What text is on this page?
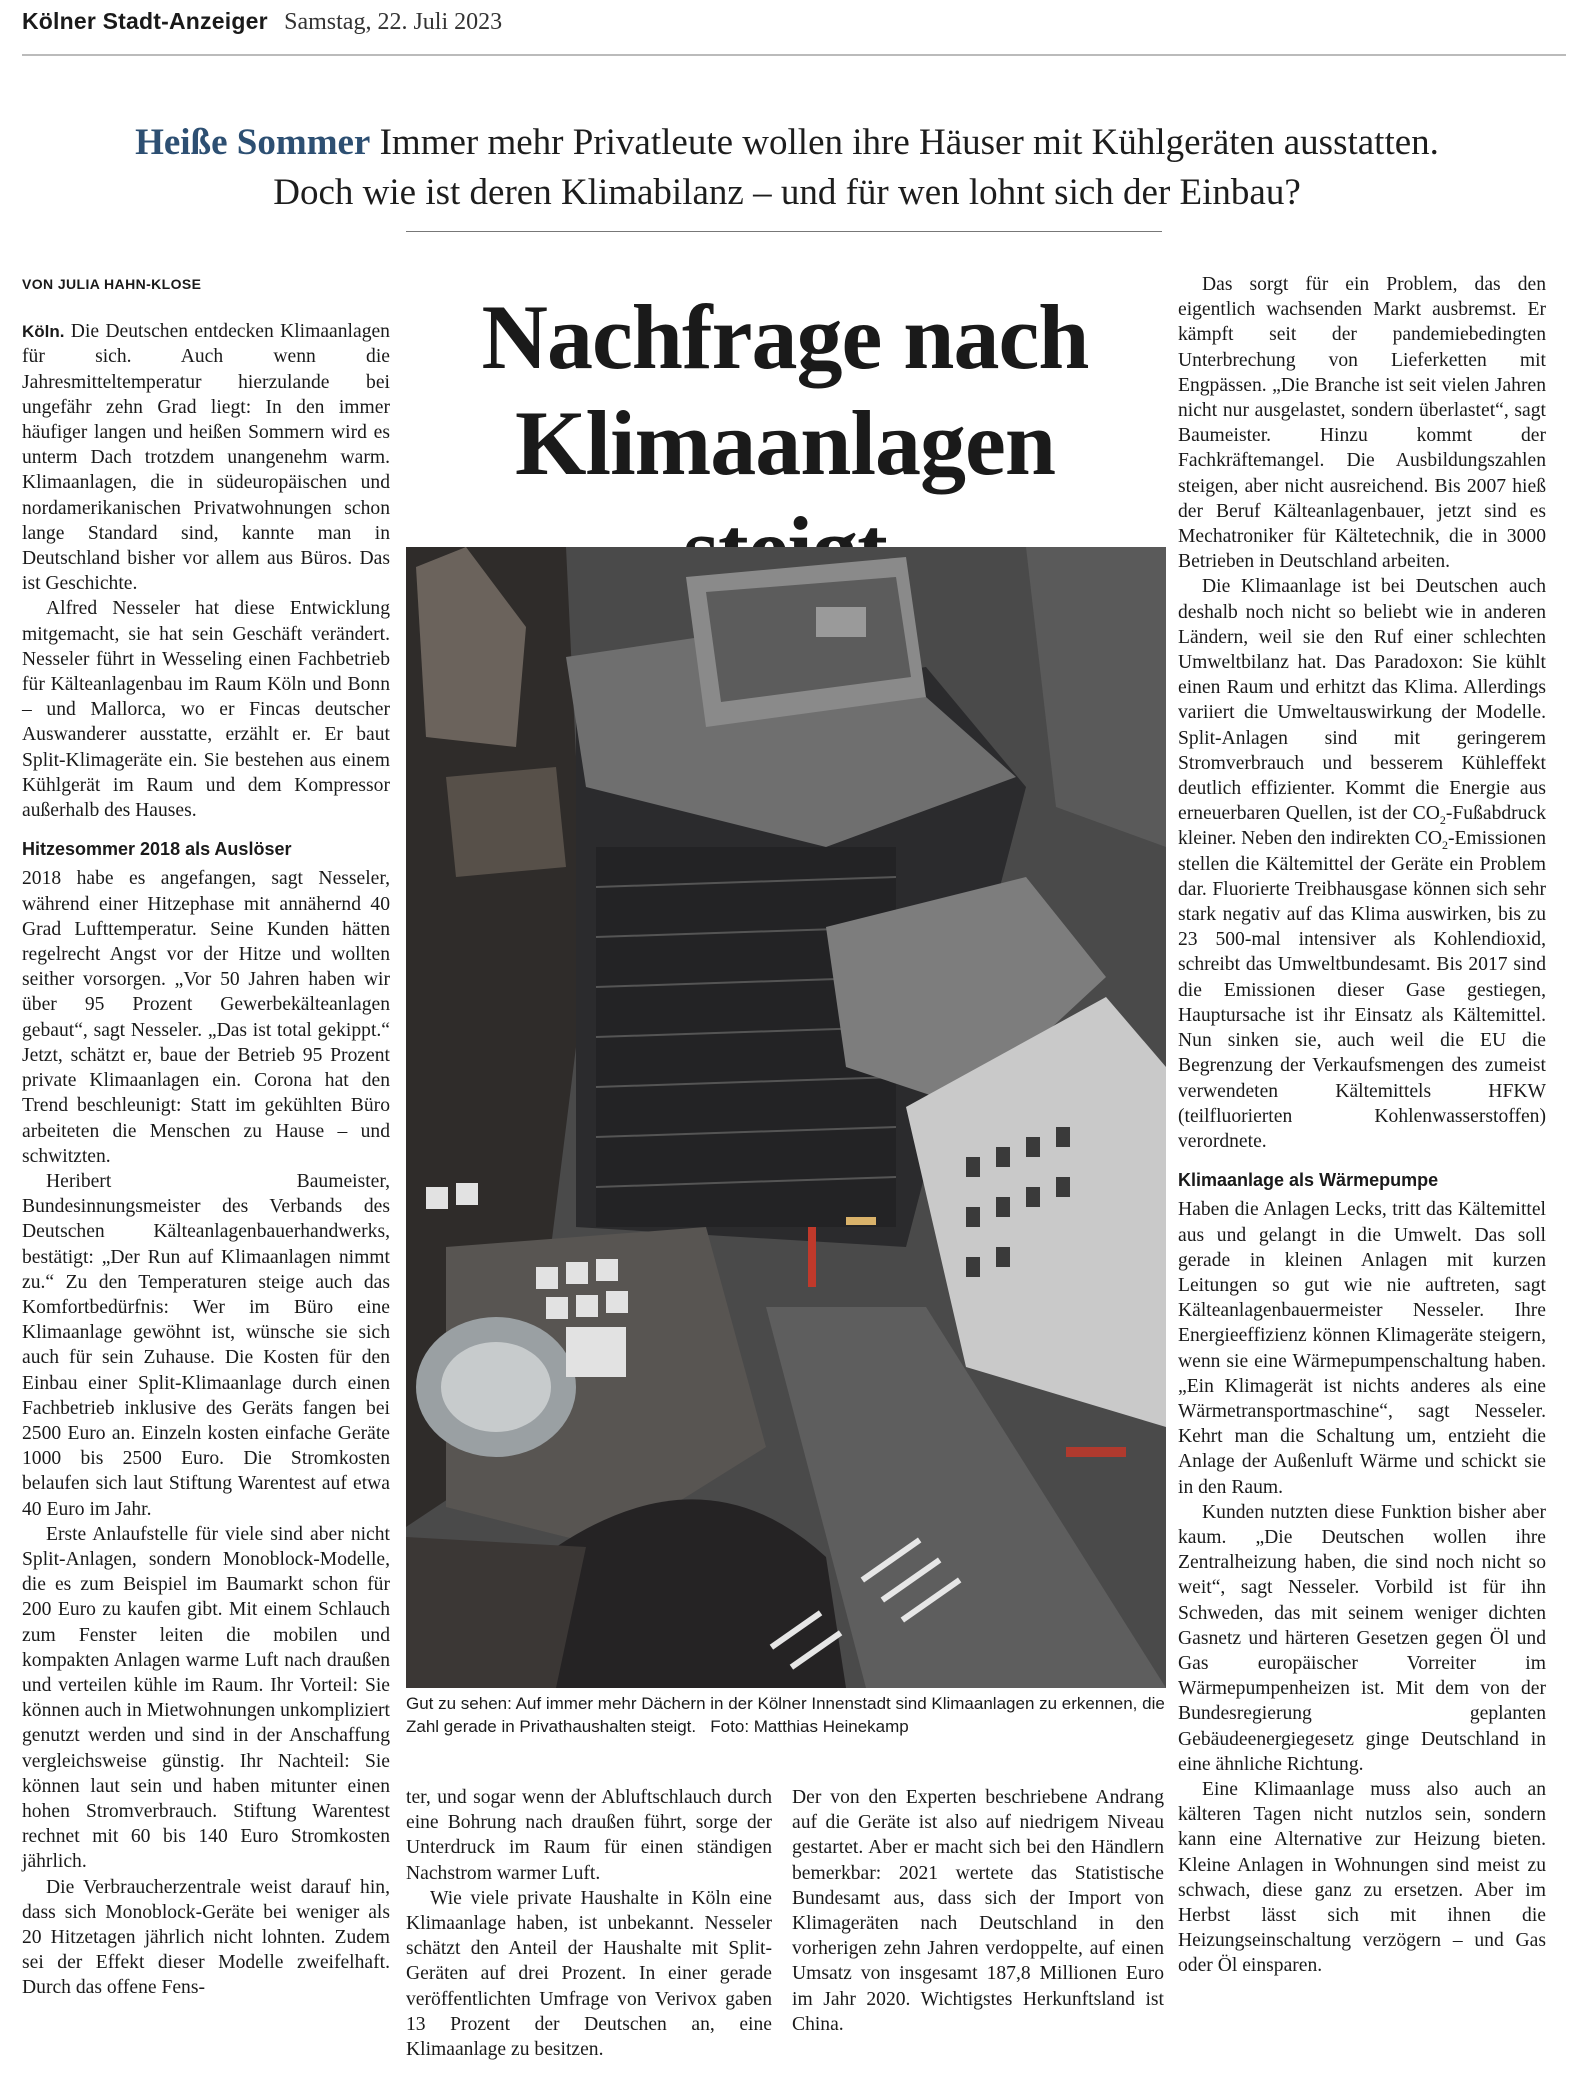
Kölner Stadt-Anzeiger Samstag, 22. Juli 2023
Heiße Sommer Immer mehr Privatleute wollen ihre Häuser mit Kühlgeräten ausstatten. Doch wie ist deren Klimabilanz – und für wen lohnt sich der Einbau?
VON JULIA HAHN-KLOSE

Köln. Die Deutschen entdecken Klimaanlagen für sich. Auch wenn die Jahresmitteltemperatur hierzulande bei ungefähr zehn Grad liegt: In den immer häufiger langen und heißen Sommern wird es unterm Dach trotzdem unangenehm warm. Klimaanlagen, die in südeuropäischen und nordamerikanischen Privatwohnungen schon lange Standard sind, kannte man in Deutschland bisher vor allem aus Büros. Das ist Geschichte.

Alfred Nesseler hat diese Entwicklung mitgemacht, sie hat sein Geschäft verändert. Nesseler führt in Wesseling einen Fachbetrieb für Kälteanlagenbau im Raum Köln und Bonn – und Mallorca, wo er Fincas deutscher Auswanderer ausstatte, erzählt er. Er baut Split-Klimageräte ein. Sie bestehen aus einem Kühlgerät im Raum und dem Kompressor außerhalb des Hauses.

Hitzesommer 2018 als Auslöser

2018 habe es angefangen, sagt Nesseler, während einer Hitzephase mit annähernd 40 Grad Lufttemperatur. Seine Kunden hätten regelrecht Angst vor der Hitze und wollten seither vorsorgen. „Vor 50 Jahren haben wir über 95 Prozent Gewerbekälteanlagen gebaut“, sagt Nesseler. „Das ist total gekippt.“ Jetzt, schätzt er, baue der Betrieb 95 Prozent private Klimaanlagen ein. Corona hat den Trend beschleunigt: Statt im gekühlten Büro arbeiteten die Menschen zu Hause – und schwitzten.

Heribert Baumeister, Bundesinnungsmeister des Verbands des Deutschen Kälteanlagenbauerhandwerks, bestätigt: „Der Run auf Klimaanlagen nimmt zu.“ Zu den Temperaturen steige auch das Komfortbedürfnis: Wer im Büro eine Klimaanlage gewöhnt ist, wünsche sie sich auch für sein Zuhause. Die Kosten für den Einbau einer Split-Klimaanlage durch einen Fachbetrieb inklusive des Geräts fangen bei 2500 Euro an. Einzeln kosten einfache Geräte 1000 bis 2500 Euro. Die Stromkosten belaufen sich laut Stiftung Warentest auf etwa 40 Euro im Jahr.

Erste Anlaufstelle für viele sind aber nicht Split-Anlagen, sondern Monoblock-Modelle, die es zum Beispiel im Baumarkt schon für 200 Euro zu kaufen gibt. Mit einem Schlauch zum Fenster leiten die mobilen und kompakten Anlagen warme Luft nach draußen und verteilen kühle im Raum. Ihr Vorteil: Sie können auch in Mietwohnungen unkompliziert genutzt werden und sind in der Anschaffung vergleichsweise günstig. Ihr Nachteil: Sie können laut sein und haben mitunter einen hohen Stromverbrauch. Stiftung Warentest rechnet mit 60 bis 140 Euro Stromkosten jährlich.

Die Verbraucherzentrale weist darauf hin, dass sich Monoblock-Geräte bei weniger als 20 Hitzetagen jährlich nicht lohnten. Zudem sei der Effekt dieser Modelle zweifelhaft. Durch das offene Fens-

Nachfrage nach
Klimaanlagen
Gut zu sehen: Auf immer mehr Dächern in der Kölner Innenstadt sind Klimaanlagen zu erkennen, die Zahl gerade in Privathaushalten steigt. Foto: Matthias Heinekamp

ter, und sogar wenn der Abluftschlauch durch eine Bohrung nach draußen führt, sorge der Unterdruck im Raum für einen ständigen Nachstrom warmer Luft.

Wie viele private Haushalte in Köln eine Klimaanlage haben, ist unbekannt. Nesseler schätzt den Anteil der Haushalte mit Split-Geräten auf drei Prozent. In einer gerade veröffentlichten Umfrage von Verivox gaben 13 Prozent der Deutschen an, eine Klimaanlage zu besitzen.

Der von den Experten beschriebene Andrang auf die Geräte ist also auf niedrigem Niveau gestartet. Aber er macht sich bei den Händlern bemerkbar: 2021 wertete das Statistische Bundesamt aus, dass sich der Import von Klimageräten nach Deutschland in den vorherigen zehn Jahren verdoppelte, auf einen Umsatz von insgesamt 187,8 Millionen Euro im Jahr 2020. Wichtigstes Herkunftsland ist China.

Das sorgt für ein Problem, das den eigentlich wachsenden Markt ausbremst. Er kämpft seit der pandemiebedingten Unterbrechung von Lieferketten mit Engpässen. „Die Branche ist seit vielen Jahren nicht nur ausgelastet, sondern überlastet“, sagt Baumeister. Hinzu kommt der Fachkräftemangel. Die Ausbildungszahlen steigen, aber nicht ausreichend. Bis 2007 hieß der Beruf Kälteanlagenbauer, jetzt sind es Mechatroniker für Kältetechnik, die in 3000 Betrieben in Deutschland arbeiten.

Die Klimaanlage ist bei Deutschen auch deshalb noch nicht so beliebt wie in anderen Ländern, weil sie den Ruf einer schlechten Umweltbilanz hat. Das Paradoxon: Sie kühlt einen Raum und erhitzt das Klima. Allerdings variiert die Umweltauswirkung der Modelle. Split-Anlagen sind mit geringerem Stromverbrauch und besserem Kühleffekt deutlich effizienter. Kommt die Energie aus erneuerbaren Quellen, ist der $CO_2$-Fußabdruck kleiner. Neben den indirekten $CO_2$-Emissionen stellen die Kältemittel der Geräte ein Problem dar. Fluorierte Treibhausgase können sich sehr stark negativ auf das Klima auswirken, bis zu 23 500-mal intensiver als Kohlendioxid, schreibt das Umweltbundesamt. Bis 2017 sind die Emissionen dieser Gase gestiegen, Hauptursache ist ihr Einsatz als Kältemittel. Nun sinken sie, auch weil die EU die Begrenzung der Verkaufsmengen des zumeist verwendeten Kältemittels HFKW (teilfluorierten Kohlenwasserstoffen) verordnete.

Klimaanlage als Wärmepumpe

Haben die Anlagen Lecks, tritt das Kältemittel aus und gelangt in die Umwelt. Das soll gerade in kleinen Anlagen mit kurzen Leitungen so gut wie nie auftreten, sagt Kälteanlagenbauermeister Nesseler. Ihre Energieeffizienz können Klimageräte steigern, wenn sie eine Wärmepumpenschaltung haben. „Ein Klimagerät ist nichts anderes als eine Wärmetransportmaschine“, sagt Nesseler. Kehrt man die Schaltung um, entzieht die Anlage der Außenluft Wärme und schickt sie in den Raum.

Kunden nutzten diese Funktion bisher aber kaum. „Die Deutschen wollen ihre Zentralheizung haben, die sind noch nicht so weit“, sagt Nesseler. Vorbild ist für ihn Schweden, das mit seinem weniger dichten Gasnetz und härteren Gesetzen gegen Öl und Gas europäischer Vorreiter im Wärmepumpenheizen ist. Mit dem von der Bundesregierung geplanten Gebäudeenergiegesetz ginge Deutschland in eine ähnliche Richtung.

Eine Klimaanlage muss also auch an kälteren Tagen nicht nutzlos sein, sondern kann eine Alternative zur Heizung bieten. Kleine Anlagen in Wohnungen sind meist zu schwach, diese ganz zu ersetzen. Aber im Herbst lässt sich mit ihnen die Heizungseinschaltung verzögern – und Gas oder Öl einsparen.
